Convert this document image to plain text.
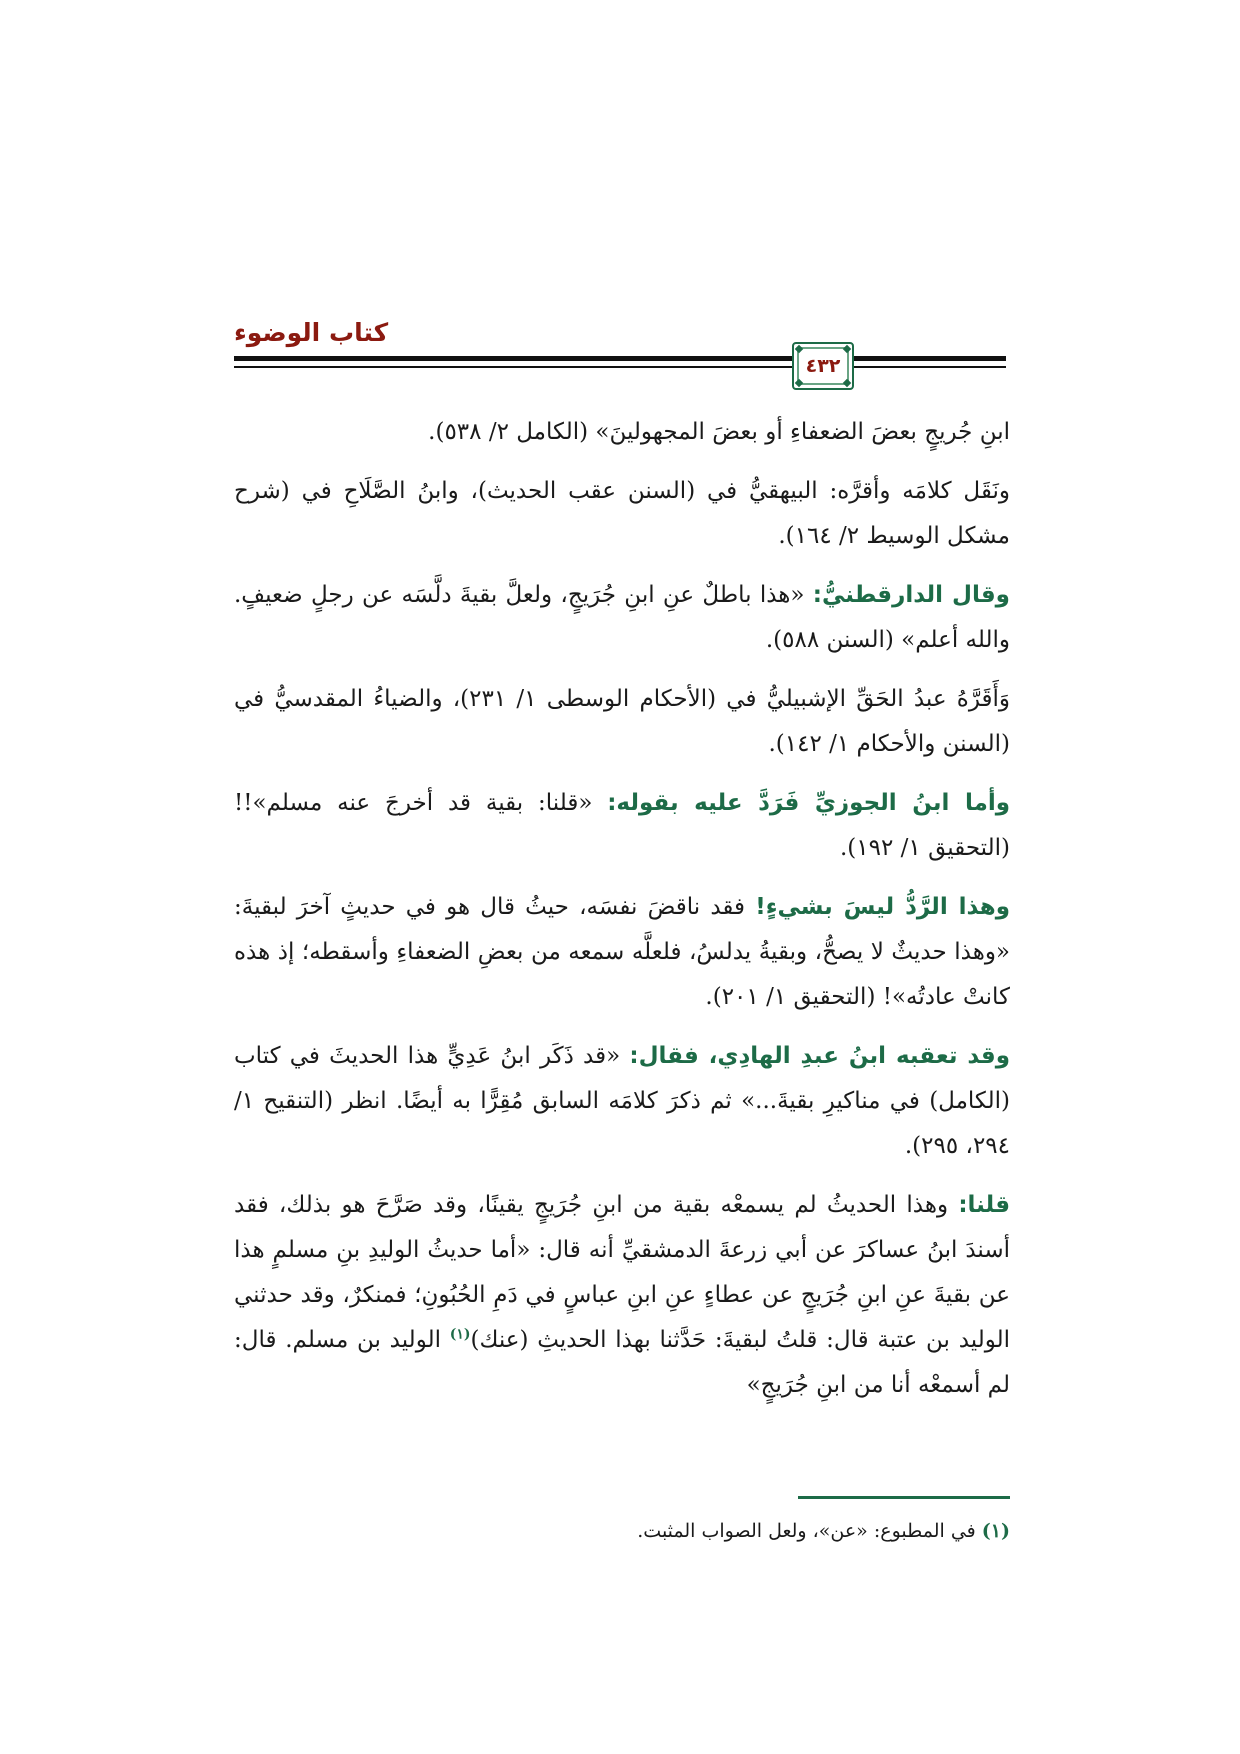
كتاب الوضوء
٤٣٢

ابنِ جُريجٍ بعضَ الضعفاءِ أو بعضَ المجهولينَ» (الكامل ٢/ ٥٣٨).

ونَقَل كلامَه وأقرَّه: البيهقيُّ في (السنن عقب الحديث)، وابنُ الصَّلَاحِ في (شرح مشكل الوسيط ٢/ ١٦٤).

وقال الدارقطنيُّ: «هذا باطلٌ عنِ ابنِ جُرَيجٍ، ولعلَّ بقيةَ دلَّسَه عن رجلٍ ضعيفٍ. والله أعلم» (السنن ٥٨٨).

وَأَقَرَّهُ عبدُ الحَقِّ الإشبيليُّ في (الأحكام الوسطى ١/ ٢٣١)، والضياءُ المقدسيُّ في (السنن والأحكام ١/ ١٤٢).

وأما ابنُ الجوزيِّ فَرَدَّ عليه بقوله: «قلنا: بقية قد أخرجَ عنه مسلم»!! (التحقيق ١/ ١٩٢).

وهذا الرَّدُّ ليسَ بشيءٍ! فقد ناقضَ نفسَه، حيثُ قال هو في حديثٍ آخرَ لبقيةَ: «وهذا حديثٌ لا يصحُّ، وبقيةُ يدلسُ، فلعلَّه سمعه من بعضِ الضعفاءِ وأسقطه؛ إذ هذه كانتْ عادتُه»! (التحقيق ١/ ٢٠١).

وقد تعقبه ابنُ عبدِ الهادِي، فقال: «قد ذَكَر ابنُ عَدِيٍّ هذا الحديثَ في كتاب (الكامل) في مناكيرِ بقيةَ...» ثم ذكرَ كلامَه السابق مُقِرًّا به أيضًا. انظر (التنقيح ١/ ٢٩٤، ٢٩٥).

قلنا: وهذا الحديثُ لم يسمعْه بقية من ابنِ جُرَيجٍ يقينًا، وقد صَرَّحَ هو بذلك، فقد أسندَ ابنُ عساكرَ عن أبي زرعةَ الدمشقيِّ أنه قال: «أما حديثُ الوليدِ بنِ مسلمٍ هذا عن بقيةَ عنِ ابنِ جُرَيجٍ عن عطاءٍ عنِ ابنِ عباسٍ في دَمِ الحُبُونِ؛ فمنكرٌ، وقد حدثني الوليد بن عتبة قال: قلتُ لبقيةَ: حَدَّثنا بهذا الحديثِ (عنك)$^{(١)}$ الوليد بن مسلم. قال: لم أسمعْه أنا من ابنِ جُرَيجٍ»

(١) في المطبوع: «عن»، ولعل الصواب المثبت.
